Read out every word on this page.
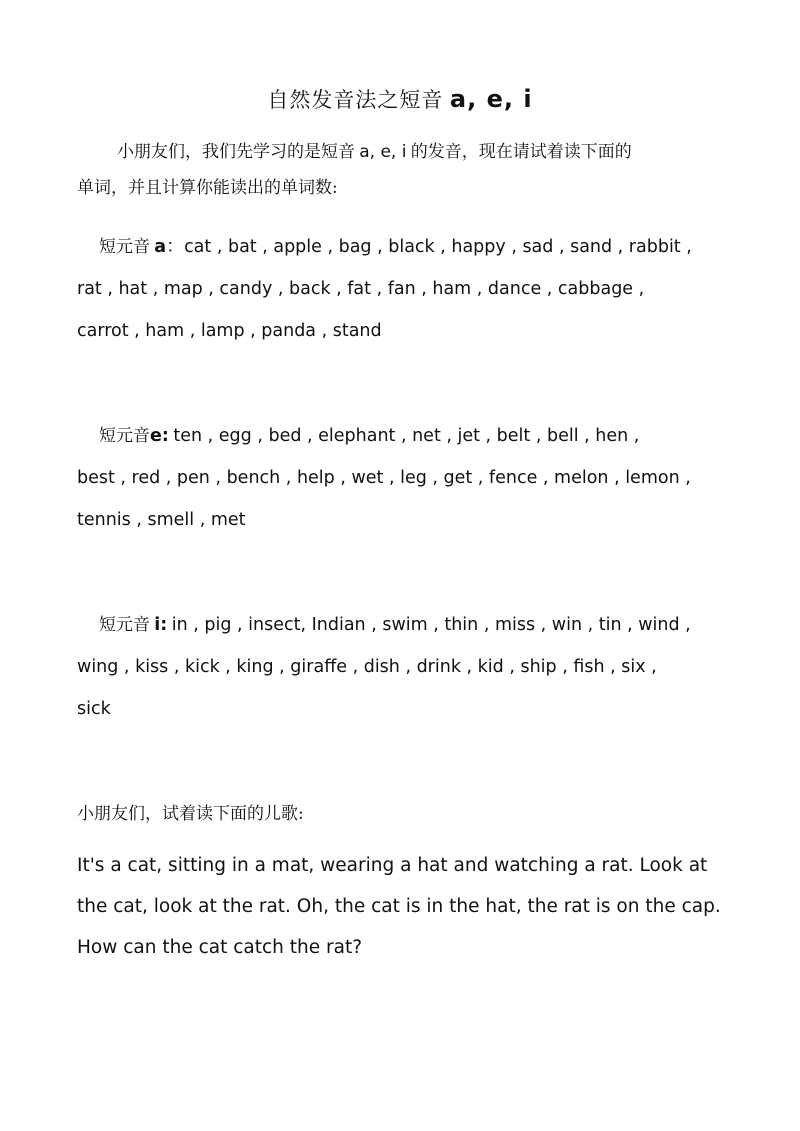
自然发音法之短音 a, e, i
小朋友们，我们先学习的是短音 a, e, i 的发音，现在请试着读下面的
单词，并且计算你能读出的单词数:
短元音 a：cat , bat , apple , bag , black , happy , sad , sand , rabbit ,
rat , hat , map , candy , back , fat , fan , ham , dance , cabbage ,
carrot , ham , lamp , panda , stand
短元音e: ten , egg , bed , elephant , net , jet , belt , bell , hen ,
best , red , pen , bench , help , wet , leg , get , fence , melon , lemon ,
tennis , smell , met
短元音 i: in , pig , insect, Indian , swim , thin , miss , win , tin , wind ,
wing , kiss , kick , king , giraffe , dish , drink , kid , ship , fish , six ,
sick
小朋友们，试着读下面的儿歌:
It's a cat, sitting in a mat, wearing a hat and watching a rat. Look at
the cat, look at the rat. Oh, the cat is in the hat, the rat is on the cap.
How can the cat catch the rat?
